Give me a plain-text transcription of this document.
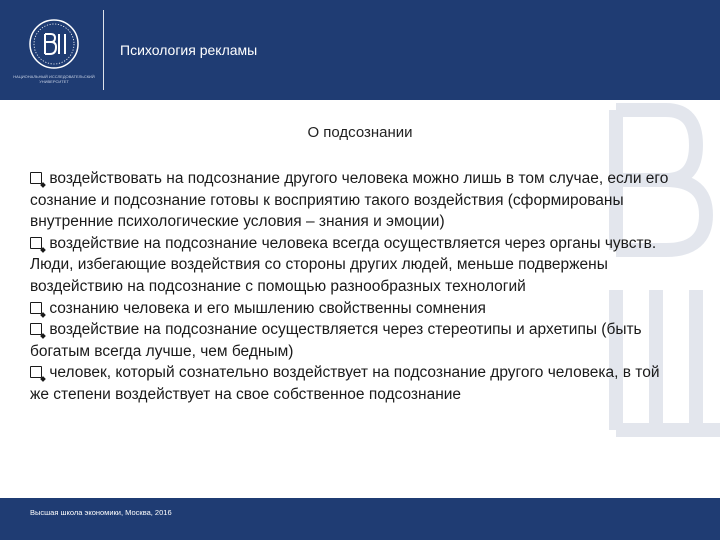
НАЦИОНАЛЬНЫЙ ИССЛЕДОВАТЕЛЬСКИЙ УНИВЕРСИТЕТ
Психология рекламы
О подсознании
воздействовать на подсознание другого человека можно лишь в том случае, если его сознание и подсознание готовы к восприятию такого воздействия (сформированы внутренние психологические условия – знания и эмоции)
воздействие на подсознание человека всегда осуществляется через органы чувств. Люди, избегающие воздействия со стороны других людей, меньше подвержены воздействию на подсознание с помощью разнообразных технологий
сознанию человека и его мышлению свойственны сомнения
воздействие на подсознание осуществляется через стереотипы и архетипы (быть богатым всегда лучше, чем бедным)
человек, который сознательно воздействует на подсознание другого человека, в той же степени воздействует на свое собственное подсознание
Высшая школа экономики, Москва, 2016
